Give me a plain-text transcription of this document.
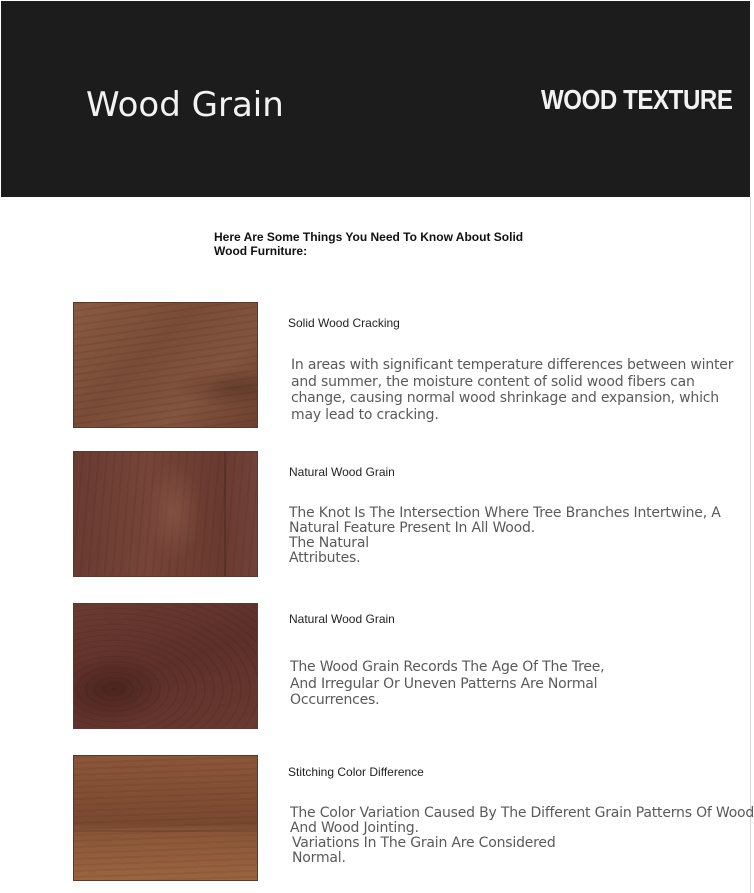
Wood Grain	WOOD TEXTURE
Here Are Some Things You Need To Know About Solid
Wood Furniture:
Solid Wood Cracking
In areas with significant temperature differences between winter
and summer, the moisture content of solid wood fibers can
change, causing normal wood shrinkage and expansion, which
may lead to cracking.
Natural Wood Grain
The Knot Is The Intersection Where Tree Branches Intertwine, A
Natural Feature Present In All Wood.
The Natural
Attributes.
Natural Wood Grain
The Wood Grain Records The Age Of The Tree,
And Irregular Or Uneven Patterns Are Normal
Occurrences.
Stitching Color Difference
The Color Variation Caused By The Different Grain Patterns Of Wood
And Wood Jointing.
Variations In The Grain Are Considered
Normal.
